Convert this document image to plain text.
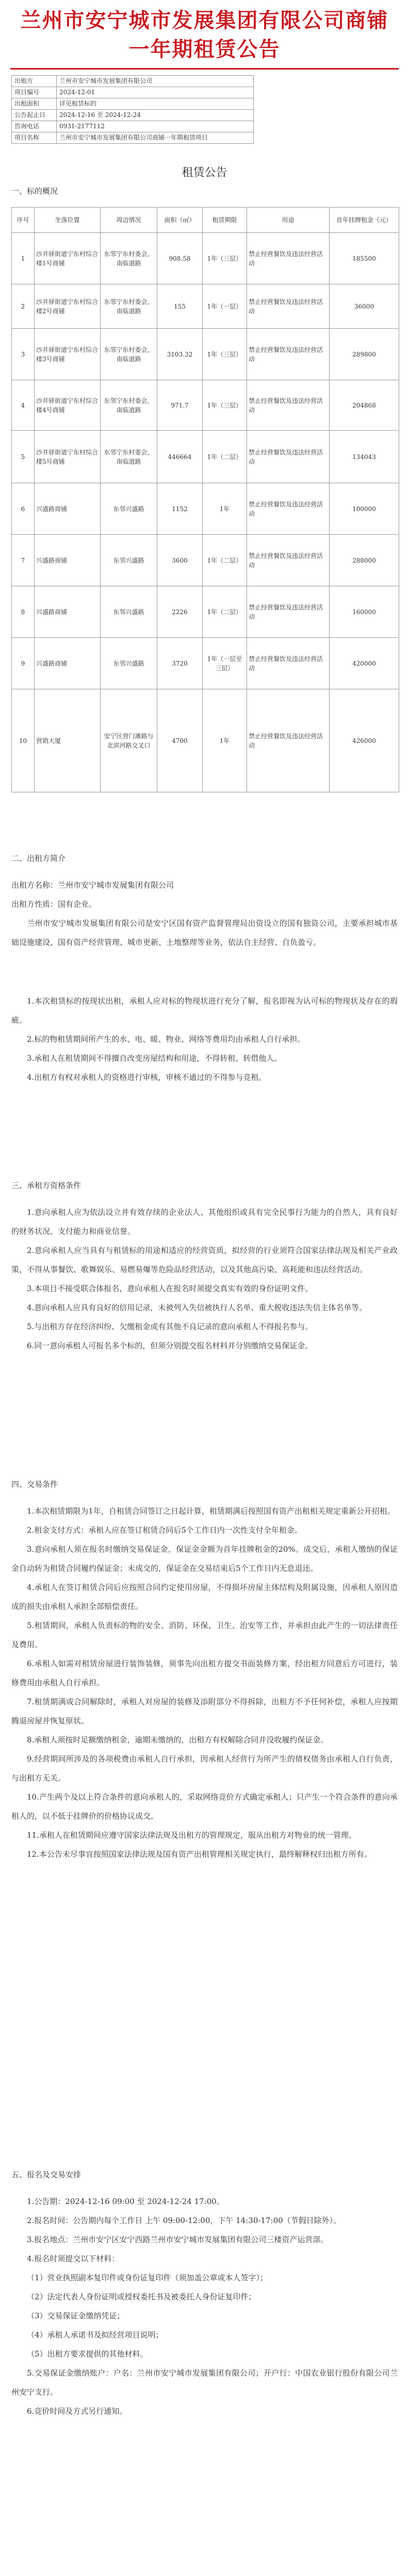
兰州市安宁城市发展集团有限公司商铺
一年期租赁公告
出租方	兰州市安宁城市发展集团有限公司
项目编号	2024-12-01
出租面积	详见租赁标的
公告起止日	2024-12-16 至 2024-12-24
咨询电话	0931-2177112
项目名称	兰州市安宁城市发展集团有限公司商铺一年期租赁项目
租赁公告
一、标的概况
序号	坐落位置	周边情况	面积（㎡）	租赁期限	用途	首年挂牌租金（元）
1	沙井驿街道宁东村综合楼1号商铺	东邻宁东村委会，南临道路	908.58	1年（三层）	禁止经营餐饮及违法经营活动	185500
2	沙井驿街道宁东村综合楼2号商铺	东邻宁东村委会，南临道路	155	1年（一层）	禁止经营餐饮及违法经营活动	36000
3	沙井驿街道宁东村综合楼3号商铺	东邻宁东村委会，南临道路	3103.32	1年（三层）	禁止经营餐饮及违法经营活动	289800
4	沙井驿街道宁东村综合楼4号商铺	东邻宁东村委会，南临道路	971.7	1年（三层）	禁止经营餐饮及违法经营活动	204868
5	沙井驿街道宁东村综合楼5号商铺	东邻宁东村委会，南临道路	446664	1年（二层）	禁止经营餐饮及违法经营活动	134043
6	兴盛路商铺	东邻兴盛路	1152	1年	禁止经营餐饮及违法经营活动	100000
7	兴盛路商铺	东邻兴盛路	3600	1年（二层）	禁止经营餐饮及违法经营活动	288000
8	兴盛路商铺	东邻兴盛路	2226	1年（二层）	禁止经营餐饮及违法经营活动	160000
9	兴盛路商铺	东邻兴盛路	3720	1年（一层至三层）	禁止经营餐饮及违法经营活动	420000
10	营销大厦	安宁区营门滩路与北滨河路交叉口	4700	1年	禁止经营餐饮及违法经营活动	426000
二、出租方简介

出租方名称：兰州市安宁城市发展集团有限公司

出租方性质：国有企业。

兰州市安宁城市发展集团有限公司是安宁区国有资产监督管理局出资设立的国有独资公司，主要承担城市基础设施建设、国有资产经营管理、城市更新、土地整理等业务，依法自主经营、自负盈亏。

1.本次租赁标的按现状出租，承租人应对标的物现状进行充分了解，报名即视为认可标的物现状及存在的瑕疵。

2.标的物租赁期间所产生的水、电、暖、物业、网络等费用均由承租人自行承担。

3.承租人在租赁期间不得擅自改变房屋结构和用途，不得转租、转借他人。

4.出租方有权对承租人的资格进行审核，审核不通过的不得参与竞租。

三、承租方资格条件

1.意向承租人应为依法设立并有效存续的企业法人、其他组织或具有完全民事行为能力的自然人，具有良好的财务状况、支付能力和商业信誉。

2.意向承租人应当具有与租赁标的用途相适应的经营资质，拟经营的行业须符合国家法律法规及相关产业政策，不得从事餐饮、歌舞娱乐、易燃易爆等危险品经营活动，以及其他高污染、高耗能和违法经营活动。

3.本项目不接受联合体报名，意向承租人在报名时须提交真实有效的身份证明文件。

4.意向承租人应具有良好的信用记录，未被列入失信被执行人名单、重大税收违法失信主体名单等。

5.与出租方存在经济纠纷、欠缴租金或有其他不良记录的意向承租人不得报名参与。

6.同一意向承租人可报名多个标的，但须分别提交报名材料并分别缴纳交易保证金。

四、交易条件

1.本次租赁期限为1年，自租赁合同签订之日起计算，租赁期满后按照国有资产出租相关规定重新公开招租。

2.租金支付方式：承租人应在签订租赁合同后5个工作日内一次性支付全年租金。

3.意向承租人须在报名时缴纳交易保证金，保证金金额为首年挂牌租金的20%。成交后，承租人缴纳的保证金自动转为租赁合同履约保证金；未成交的，保证金在交易结束后5个工作日内无息退还。

4.承租人在签订租赁合同后应按照合同约定使用房屋，不得损坏房屋主体结构及附属设施，因承租人原因造成的损失由承租人承担全部赔偿责任。

5.租赁期间，承租人负责标的物的安全、消防、环保、卫生、治安等工作，并承担由此产生的一切法律责任及费用。

6.承租人如需对租赁房屋进行装饰装修，须事先向出租方提交书面装修方案，经出租方同意后方可进行，装修费用由承租人自行承担。

7.租赁期满或合同解除时，承租人对房屋的装修及添附部分不得拆除，出租方不予任何补偿，承租人应按期腾退房屋并恢复原状。

8.承租人须按时足额缴纳租金，逾期未缴纳的，出租方有权解除合同并没收履约保证金。

9.经营期间所涉及的各项税费由承租人自行承担，因承租人经营行为所产生的债权债务由承租人自行负责，与出租方无关。

10.产生两个及以上符合条件的意向承租人的，采取网络竞价方式确定承租人；只产生一个符合条件的意向承租人的，以不低于挂牌价的价格协议成交。

11.承租人在租赁期间应遵守国家法律法规及出租方的管理规定，服从出租方对物业的统一管理。

12.本公告未尽事宜按照国家法律法规及国有资产出租管理相关规定执行，最终解释权归出租方所有。

五、报名及交易安排

1.公告期：2024-12-16 09:00 至 2024-12-24 17:00。

2.报名时间：公告期内每个工作日 上午 09:00-12:00，下午 14:30-17:00（节假日除外）。

3.报名地点：兰州市安宁区安宁西路兰州市安宁城市发展集团有限公司三楼资产运营部。

4.报名时须提交以下材料：

（1）营业执照副本复印件或身份证复印件（须加盖公章或本人签字）；

（2）法定代表人身份证明或授权委托书及被委托人身份证复印件；

（3）交易保证金缴纳凭证；

（4）承租人承诺书及拟经营项目说明；

（5）出租方要求提供的其他材料。

5.交易保证金缴纳账户：户名：兰州市安宁城市发展集团有限公司；开户行：中国农业银行股份有限公司兰州安宁支行。

6.竞价时间及方式另行通知。
